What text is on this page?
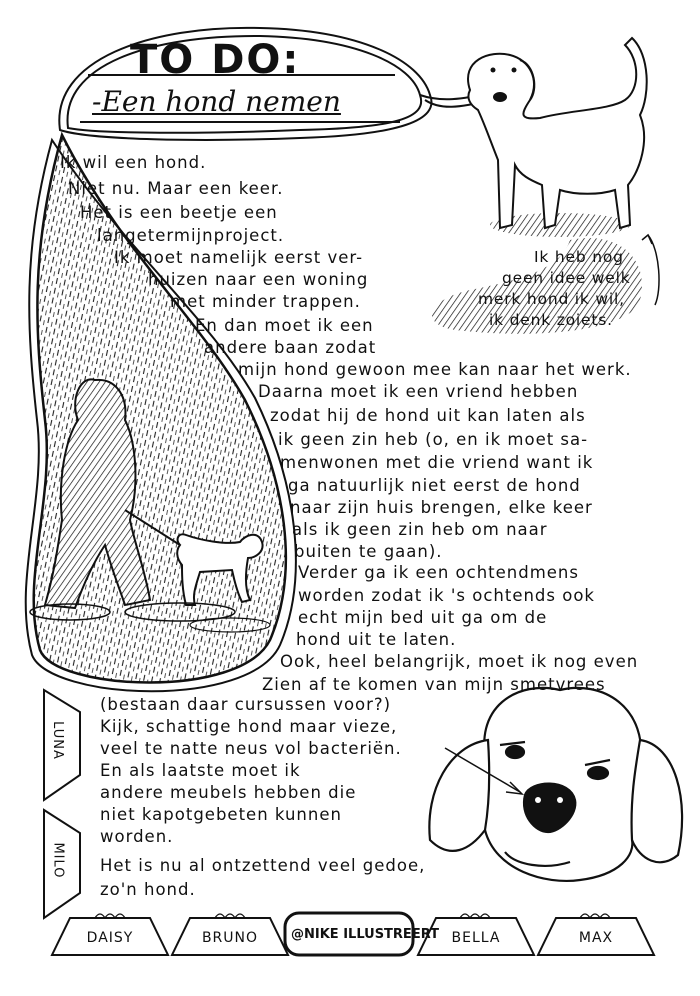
TO DO:
-Een hond nemen
Ik wil een hond.
Niet nu. Maar een keer.
Het is een beetje een
langetermijnproject.
Ik moet namelijk eerst ver-
huizen naar een woning
met minder trappen.
En dan moet ik een
andere baan zodat
mijn hond gewoon mee kan naar het werk.
Daarna moet ik een vriend hebben
zodat hij de hond uit kan laten als
ik geen zin heb (o, en ik moet sa-
menwonen met die vriend want ik
ga natuurlijk niet eerst de hond
naar zijn huis brengen, elke keer
als ik geen zin heb om naar
buiten te gaan).
Verder ga ik een ochtendmens
worden zodat ik 's ochtends ook
echt mijn bed uit ga om de
hond uit te laten.
Ook, heel belangrijk, moet ik nog even
Zien af te komen van mijn smetvrees
(bestaan daar cursussen voor?)
Kijk, schattige hond maar vieze,
veel te natte neus vol bacteriën.
En als laatste moet ik
andere meubels hebben die
niet kapotgebeten kunnen
worden.
Het is nu al ontzettend veel gedoe,
zo'n hond.
Ik heb nog
geen idee welk
merk hond ik wil,
ik denk zoiets.
LUNA
MILO
DAISY	BRUNO	@NIKE ILLUSTREERT BELLA	MAX
